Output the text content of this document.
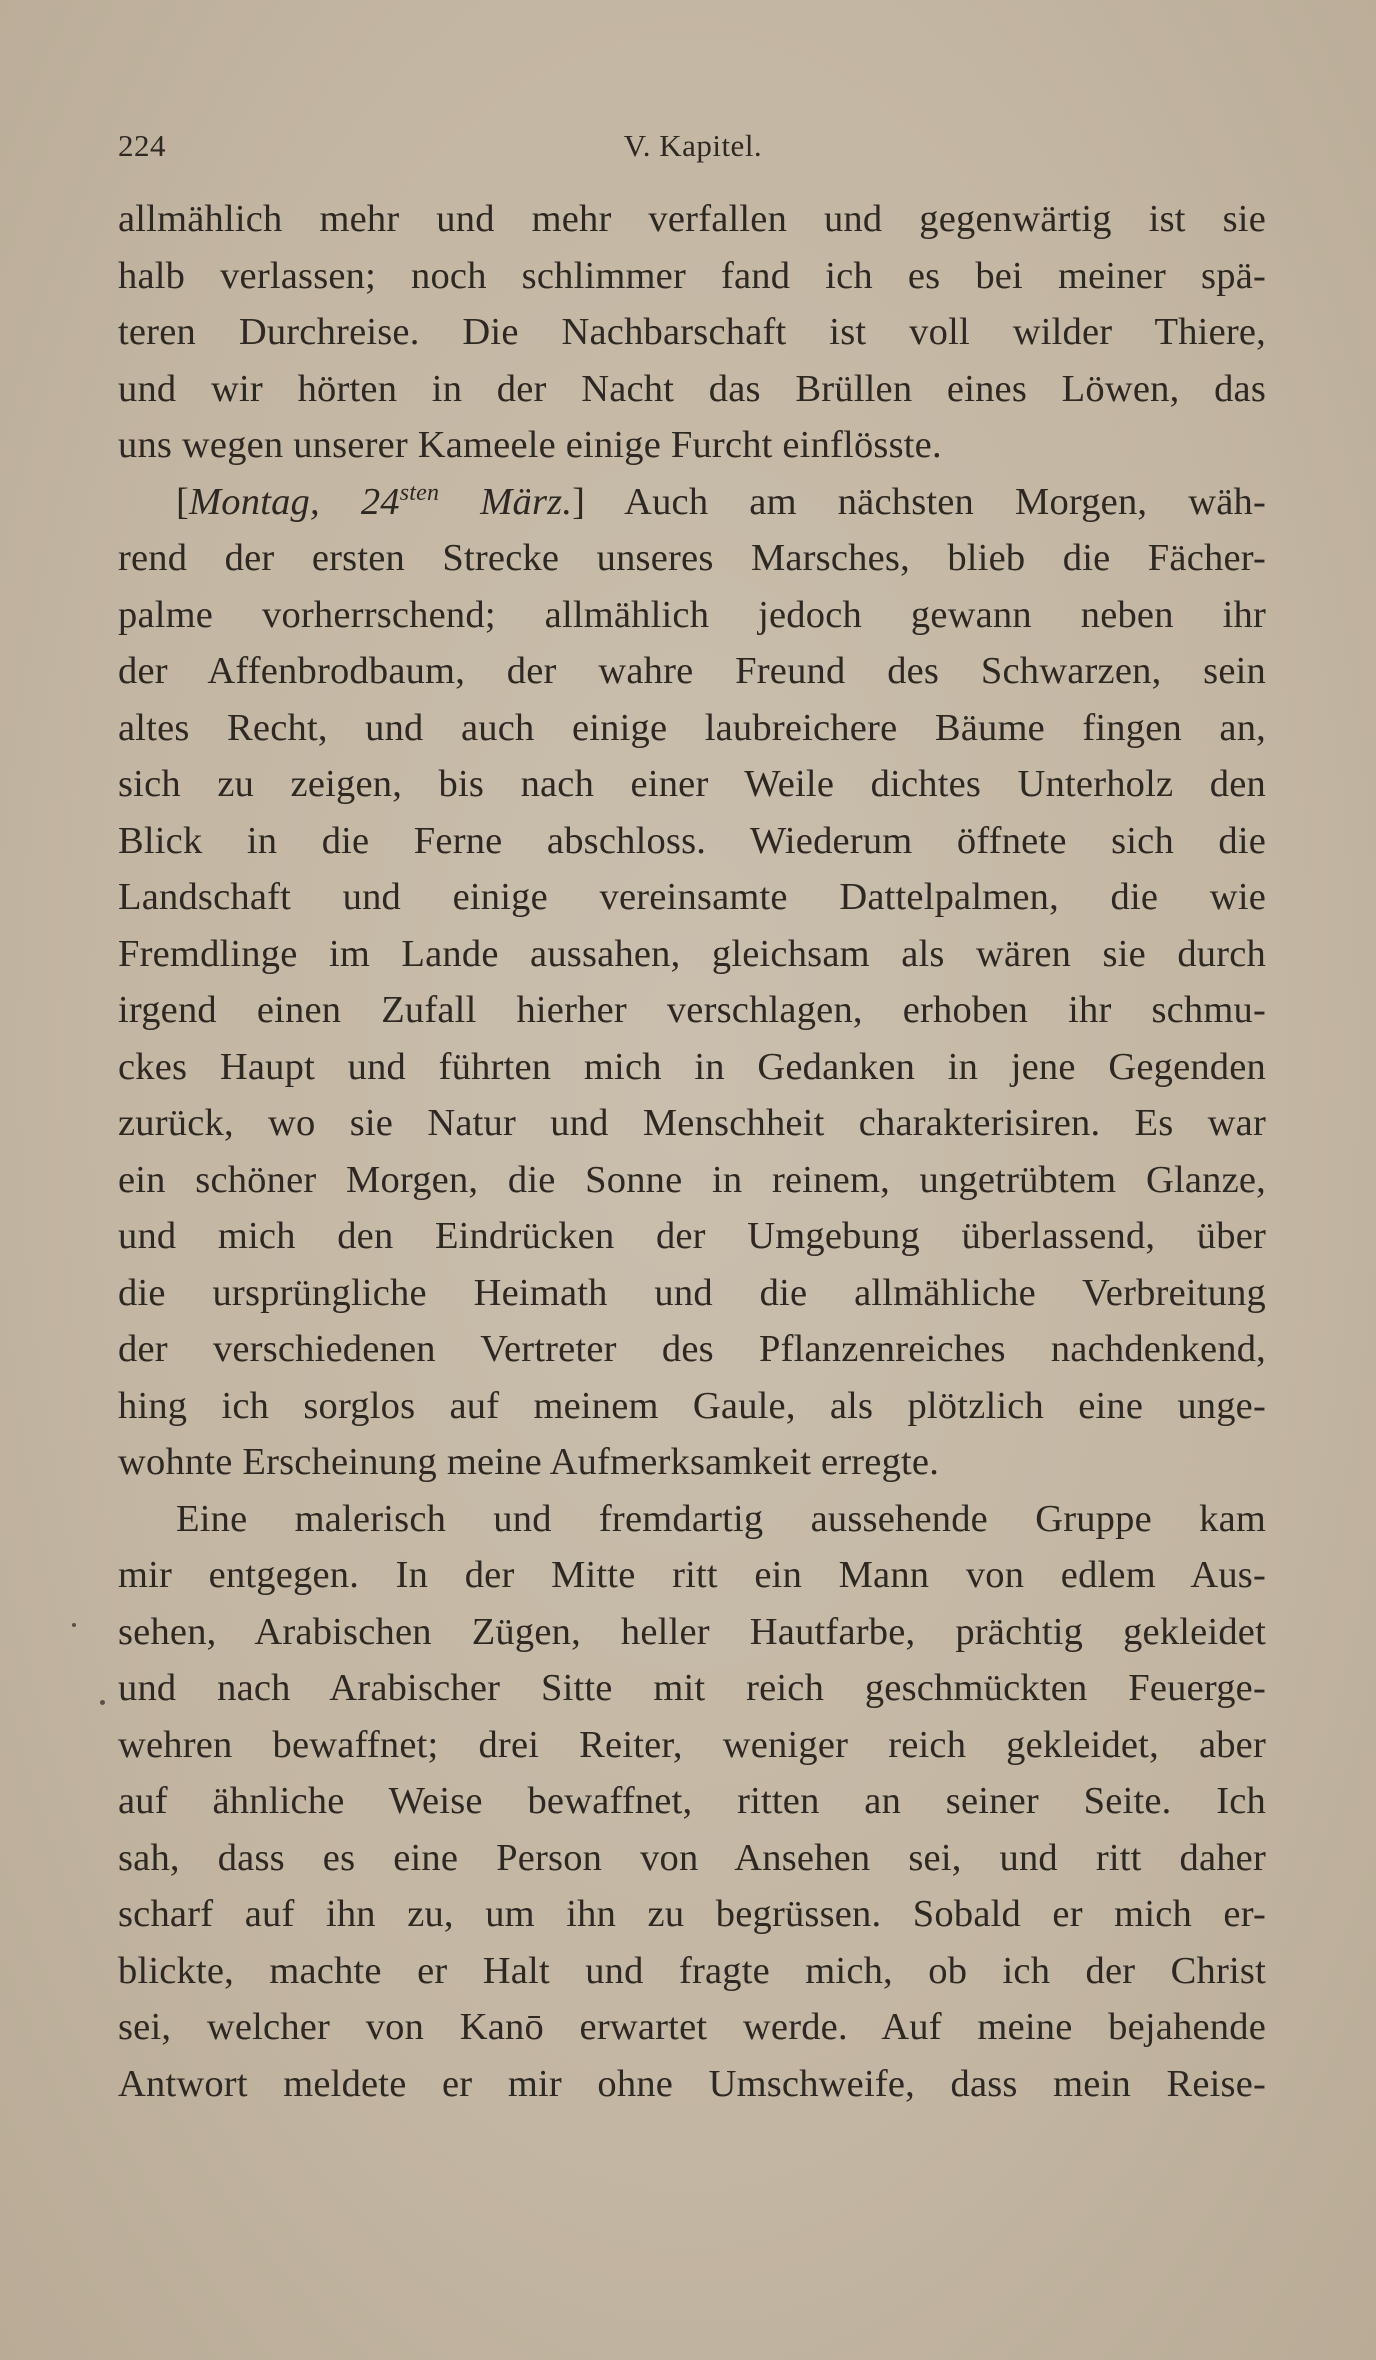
224	V. Kapitel.
allmählich mehr und mehr verfallen und gegenwärtig ist sie
halb verlassen; noch schlimmer fand ich es bei meiner spä-
teren Durchreise. Die Nachbarschaft ist voll wilder Thiere,
und wir hörten in der Nacht das Brüllen eines Löwen, das
uns wegen unserer Kameele einige Furcht einflösste.
[Montag, $24^{sten}$ März.] Auch am nächsten Morgen, wäh-
rend der ersten Strecke unseres Marsches, blieb die Fächer-
palme vorherrschend; allmählich jedoch gewann neben ihr
der Affenbrodbaum, der wahre Freund des Schwarzen, sein
altes Recht, und auch einige laubreichere Bäume fingen an,
sich zu zeigen, bis nach einer Weile dichtes Unterholz den
Blick in die Ferne abschloss. Wiederum öffnete sich die
Landschaft und einige vereinsamte Dattelpalmen, die wie
Fremdlinge im Lande aussahen, gleichsam als wären sie durch
irgend einen Zufall hierher verschlagen, erhoben ihr schmu-
ckes Haupt und führten mich in Gedanken in jene Gegenden
zurück, wo sie Natur und Menschheit charakterisiren. Es war
ein schöner Morgen, die Sonne in reinem, ungetrübtem Glanze,
und mich den Eindrücken der Umgebung überlassend, über
die ursprüngliche Heimath und die allmähliche Verbreitung
der verschiedenen Vertreter des Pflanzenreiches nachdenkend,
hing ich sorglos auf meinem Gaule, als plötzlich eine unge-
wohnte Erscheinung meine Aufmerksamkeit erregte.
Eine malerisch und fremdartig aussehende Gruppe kam
mir entgegen. In der Mitte ritt ein Mann von edlem Aus-
sehen, Arabischen Zügen, heller Hautfarbe, prächtig gekleidet
und nach Arabischer Sitte mit reich geschmückten Feuerge-
wehren bewaffnet; drei Reiter, weniger reich gekleidet, aber
auf ähnliche Weise bewaffnet, ritten an seiner Seite. Ich
sah, dass es eine Person von Ansehen sei, und ritt daher
scharf auf ihn zu, um ihn zu begrüssen. Sobald er mich er-
blickte, machte er Halt und fragte mich, ob ich der Christ
sei, welcher von Kanō erwartet werde. Auf meine bejahende
Antwort meldete er mir ohne Umschweife, dass mein Reise-
